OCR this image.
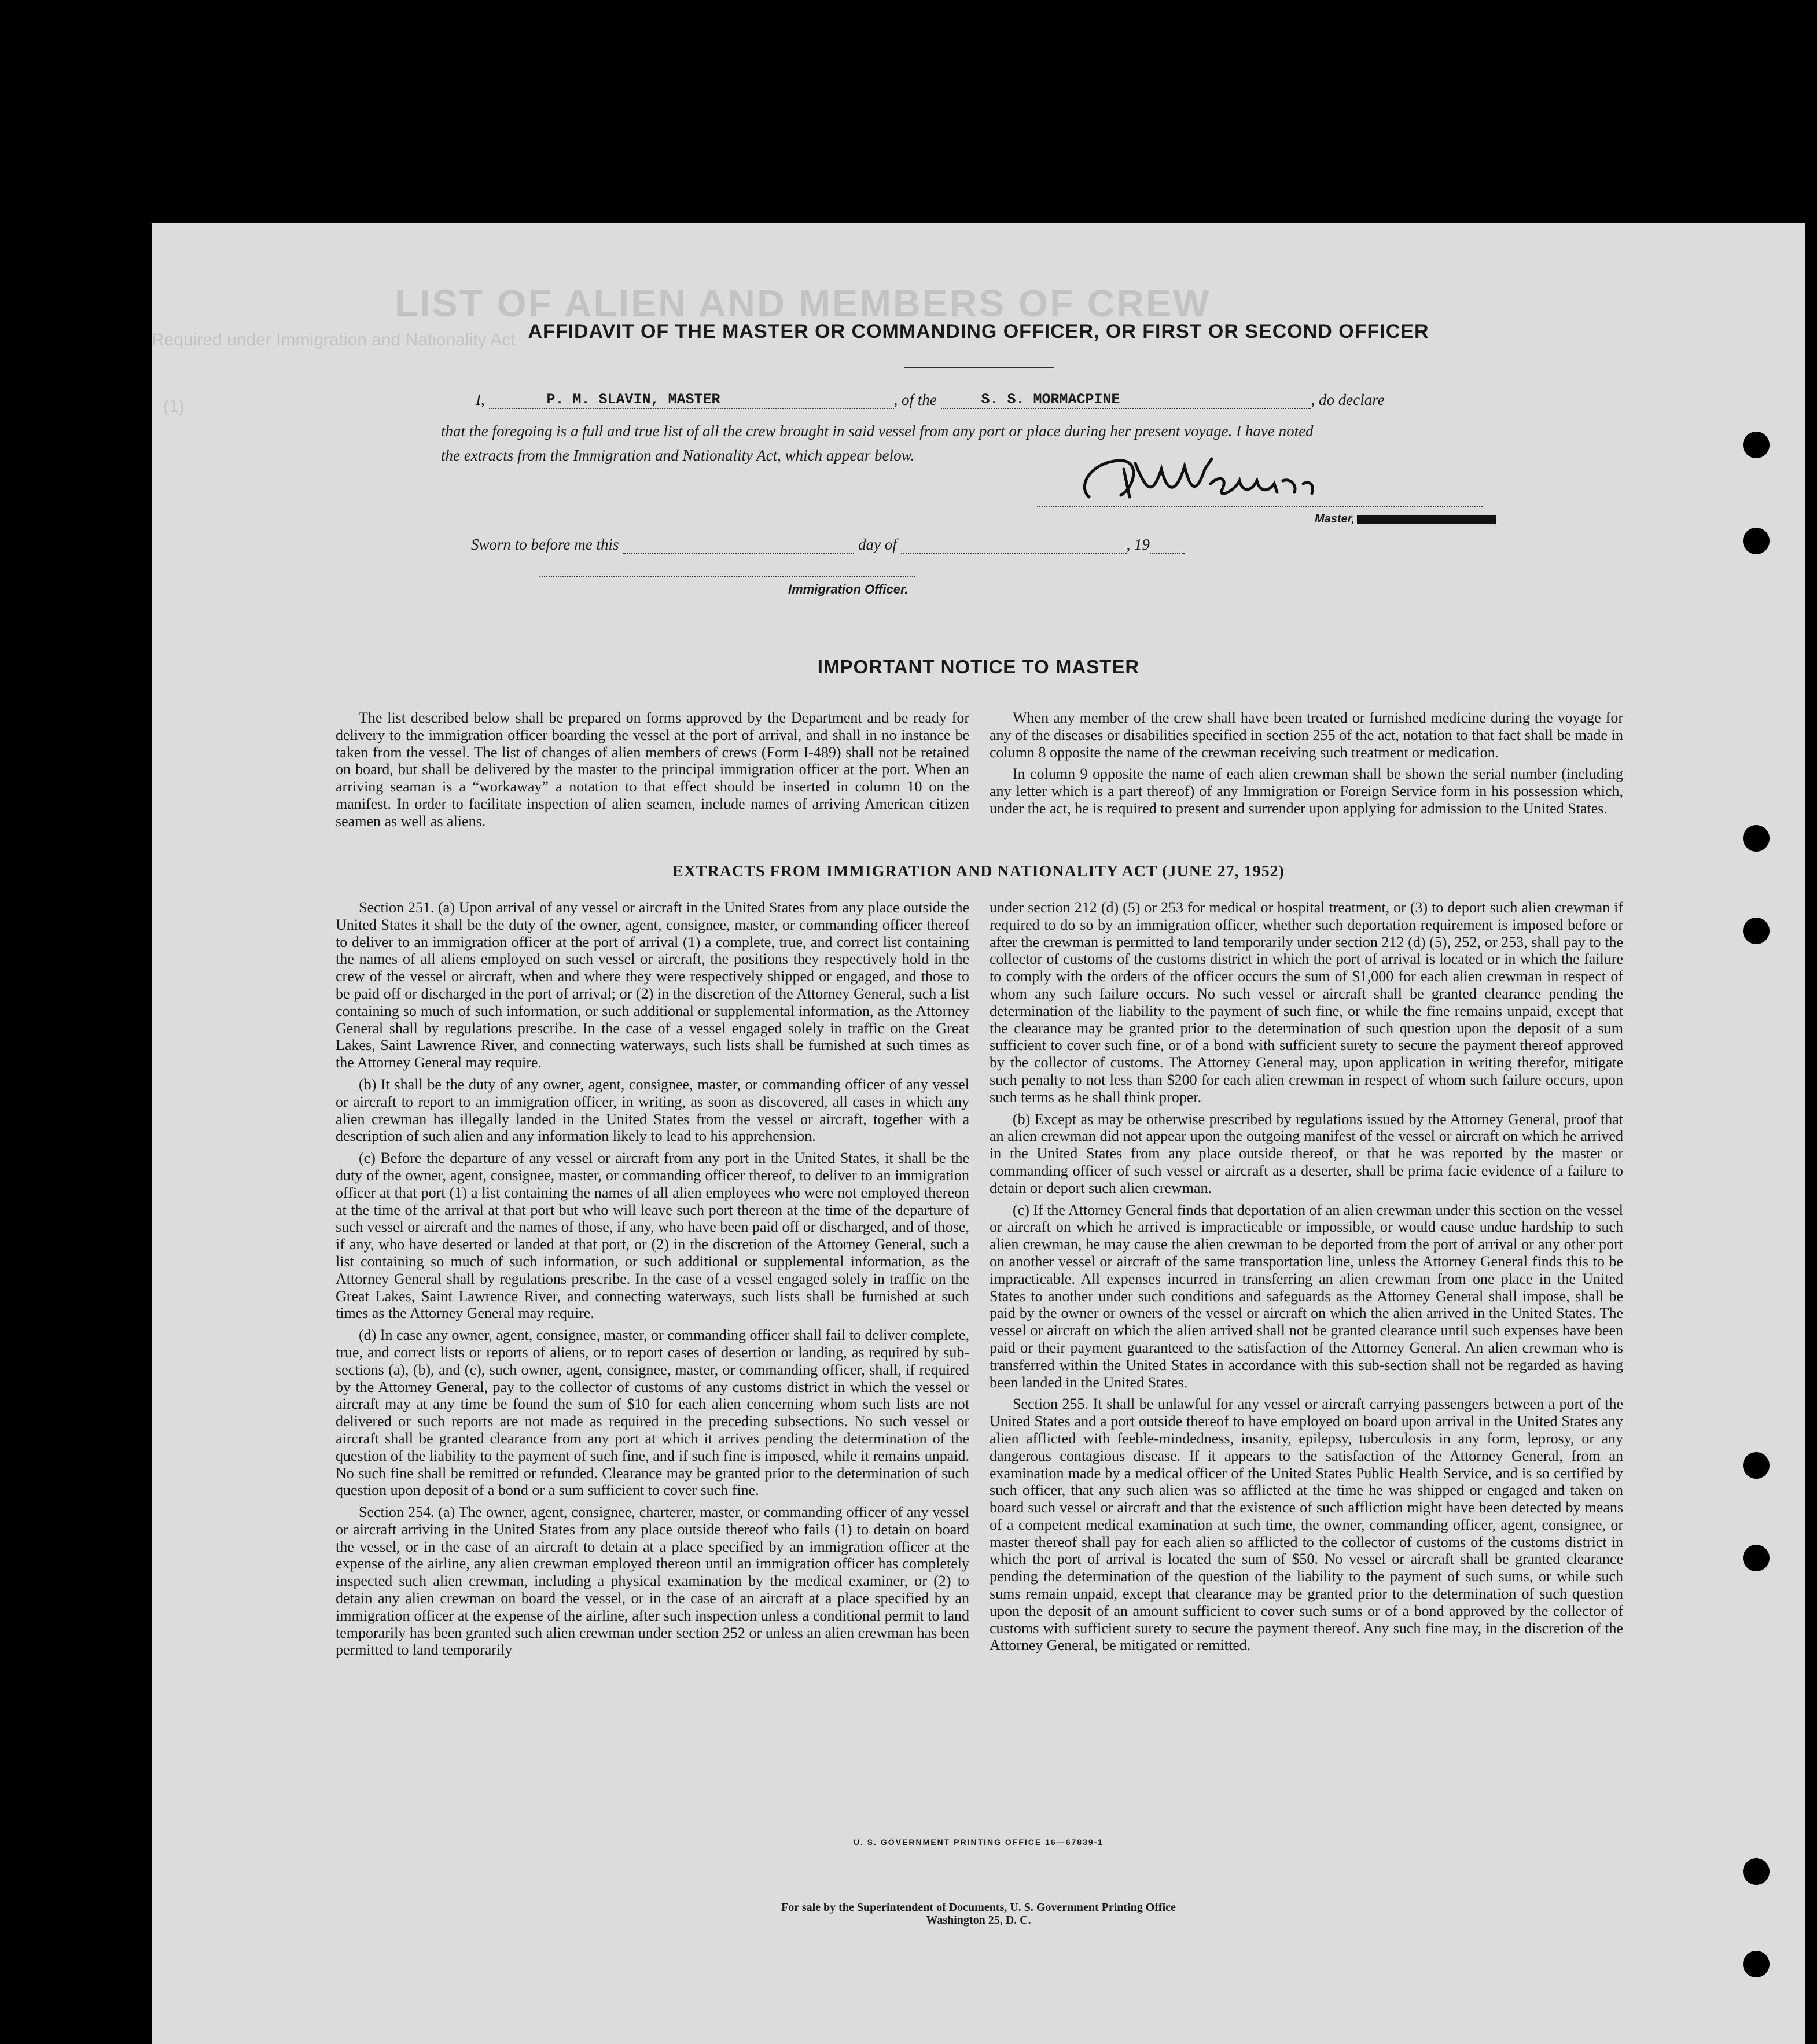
LIST OF ALIEN AND MEMBERS OF CREW
Required under Immigration and Nationality Act
(1)
AFFIDAVIT OF THE MASTER OR COMMANDING OFFICER, OR FIRST OR SECOND OFFICER
I,	P. M. SLAVIN, MASTER	, of the	S. S. MORMACPINE	, do declare
that the foregoing is a full and true list of all the crew brought in said vessel from any port or place during her present voyage. I have noted
the extracts from the Immigration and Nationality Act, which appear below.
Master,
Sworn to before me this	day of	, 19
Immigration Officer.
IMPORTANT NOTICE TO MASTER

The list described below shall be prepared on forms approved by the Department and be ready for delivery to the immigration officer boarding the vessel at the port of arrival, and shall in no instance be taken from the vessel. The list of changes of alien members of crews (Form I-489) shall not be retained on board, but shall be delivered by the master to the principal immigration officer at the port. When an arriving seaman is a “workaway” a notation to that effect should be inserted in column 10 on the manifest. In order to facilitate inspection of alien seamen, include names of arriving American citizen seamen as well as aliens.

When any member of the crew shall have been treated or furnished medicine during the voyage for any of the diseases or disabilities specified in section 255 of the act, notation to that fact shall be made in column 8 opposite the name of the crewman receiving such treatment or medication.

In column 9 opposite the name of each alien crewman shall be shown the serial number (including any letter which is a part thereof) of any Immigration or Foreign Service form in his possession which, under the act, he is required to present and surrender upon applying for admission to the United States.

EXTRACTS FROM IMMIGRATION AND NATIONALITY ACT (JUNE 27, 1952)

Section 251. (a) Upon arrival of any vessel or aircraft in the United States from any place outside the United States it shall be the duty of the owner, agent, consignee, master, or commanding officer thereof to deliver to an immigration officer at the port of arrival (1) a complete, true, and correct list containing the names of all aliens employed on such vessel or aircraft, the positions they respectively hold in the crew of the vessel or aircraft, when and where they were respectively shipped or engaged, and those to be paid off or discharged in the port of arrival; or (2) in the discretion of the Attorney General, such a list containing so much of such information, or such additional or supplemental information, as the Attorney General shall by regulations prescribe. In the case of a vessel engaged solely in traffic on the Great Lakes, Saint Lawrence River, and connecting waterways, such lists shall be furnished at such times as the Attorney General may require.

(b) It shall be the duty of any owner, agent, consignee, master, or commanding officer of any vessel or aircraft to report to an immigration officer, in writing, as soon as discovered, all cases in which any alien crewman has illegally landed in the United States from the vessel or aircraft, together with a description of such alien and any information likely to lead to his apprehension.

(c) Before the departure of any vessel or aircraft from any port in the United States, it shall be the duty of the owner, agent, consignee, master, or commanding officer thereof, to deliver to an immigration officer at that port (1) a list containing the names of all alien employees who were not employed thereon at the time of the arrival at that port but who will leave such port thereon at the time of the departure of such vessel or aircraft and the names of those, if any, who have been paid off or discharged, and of those, if any, who have deserted or landed at that port, or (2) in the discretion of the Attorney General, such a list containing so much of such information, or such additional or supplemental information, as the Attorney General shall by regulations prescribe. In the case of a vessel engaged solely in traffic on the Great Lakes, Saint Lawrence River, and connecting waterways, such lists shall be furnished at such times as the Attorney General may require.

(d) In case any owner, agent, consignee, master, or commanding officer shall fail to deliver complete, true, and correct lists or reports of aliens, or to report cases of desertion or landing, as required by sub-sections (a), (b), and (c), such owner, agent, consignee, master, or commanding officer, shall, if required by the Attorney General, pay to the collector of customs of any customs district in which the vessel or aircraft may at any time be found the sum of $10 for each alien concerning whom such lists are not delivered or such reports are not made as required in the preceding subsections. No such vessel or aircraft shall be granted clearance from any port at which it arrives pending the determination of the question of the liability to the payment of such fine, and if such fine is imposed, while it remains unpaid. No such fine shall be remitted or refunded. Clearance may be granted prior to the determination of such question upon deposit of a bond or a sum sufficient to cover such fine.

Section 254. (a) The owner, agent, consignee, charterer, master, or commanding officer of any vessel or aircraft arriving in the United States from any place outside thereof who fails (1) to detain on board the vessel, or in the case of an aircraft to detain at a place specified by an immigration officer at the expense of the airline, any alien crewman employed thereon until an immigration officer has completely inspected such alien crewman, including a physical examination by the medical examiner, or (2) to detain any alien crewman on board the vessel, or in the case of an aircraft at a place specified by an immigration officer at the expense of the airline, after such inspection unless a conditional permit to land temporarily has been granted such alien crewman under section 252 or unless an alien crewman has been permitted to land temporarily

under section 212 (d) (5) or 253 for medical or hospital treatment, or (3) to deport such alien crewman if required to do so by an immigration officer, whether such deportation requirement is imposed before or after the crewman is permitted to land temporarily under section 212 (d) (5), 252, or 253, shall pay to the collector of customs of the customs district in which the port of arrival is located or in which the failure to comply with the orders of the officer occurs the sum of $1,000 for each alien crewman in respect of whom any such failure occurs. No such vessel or aircraft shall be granted clearance pending the determination of the liability to the payment of such fine, or while the fine remains unpaid, except that the clearance may be granted prior to the determination of such question upon the deposit of a sum sufficient to cover such fine, or of a bond with sufficient surety to secure the payment thereof approved by the collector of customs. The Attorney General may, upon application in writing therefor, mitigate such penalty to not less than $200 for each alien crewman in respect of whom such failure occurs, upon such terms as he shall think proper.

(b) Except as may be otherwise prescribed by regulations issued by the Attorney General, proof that an alien crewman did not appear upon the outgoing manifest of the vessel or aircraft on which he arrived in the United States from any place outside thereof, or that he was reported by the master or commanding officer of such vessel or aircraft as a deserter, shall be prima facie evidence of a failure to detain or deport such alien crewman.

(c) If the Attorney General finds that deportation of an alien crewman under this section on the vessel or aircraft on which he arrived is impracticable or impossible, or would cause undue hardship to such alien crewman, he may cause the alien crewman to be deported from the port of arrival or any other port on another vessel or aircraft of the same transportation line, unless the Attorney General finds this to be impracticable. All expenses incurred in transferring an alien crewman from one place in the United States to another under such conditions and safeguards as the Attorney General shall impose, shall be paid by the owner or owners of the vessel or aircraft on which the alien arrived in the United States. The vessel or aircraft on which the alien arrived shall not be granted clearance until such expenses have been paid or their payment guaranteed to the satisfaction of the Attorney General. An alien crewman who is transferred within the United States in accordance with this sub-section shall not be regarded as having been landed in the United States.

Section 255. It shall be unlawful for any vessel or aircraft carrying passengers between a port of the United States and a port outside thereof to have employed on board upon arrival in the United States any alien afflicted with feeble-mindedness, insanity, epilepsy, tuberculosis in any form, leprosy, or any dangerous contagious disease. If it appears to the satisfaction of the Attorney General, from an examination made by a medical officer of the United States Public Health Service, and is so certified by such officer, that any such alien was so afflicted at the time he was shipped or engaged and taken on board such vessel or aircraft and that the existence of such affliction might have been detected by means of a competent medical examination at such time, the owner, commanding officer, agent, consignee, or master thereof shall pay for each alien so afflicted to the collector of customs of the customs district in which the port of arrival is located the sum of $50. No vessel or aircraft shall be granted clearance pending the determination of the question of the liability to the payment of such sums, or while such sums remain unpaid, except that clearance may be granted prior to the determination of such question upon the deposit of an amount sufficient to cover such sums or of a bond approved by the collector of customs with sufficient surety to secure the payment thereof. Any such fine may, in the discretion of the Attorney General, be mitigated or remitted.

U. S. GOVERNMENT PRINTING OFFICE 16—67839-1
For sale by the Superintendent of Documents, U. S. Government Printing Office
Washington 25, D. C.
